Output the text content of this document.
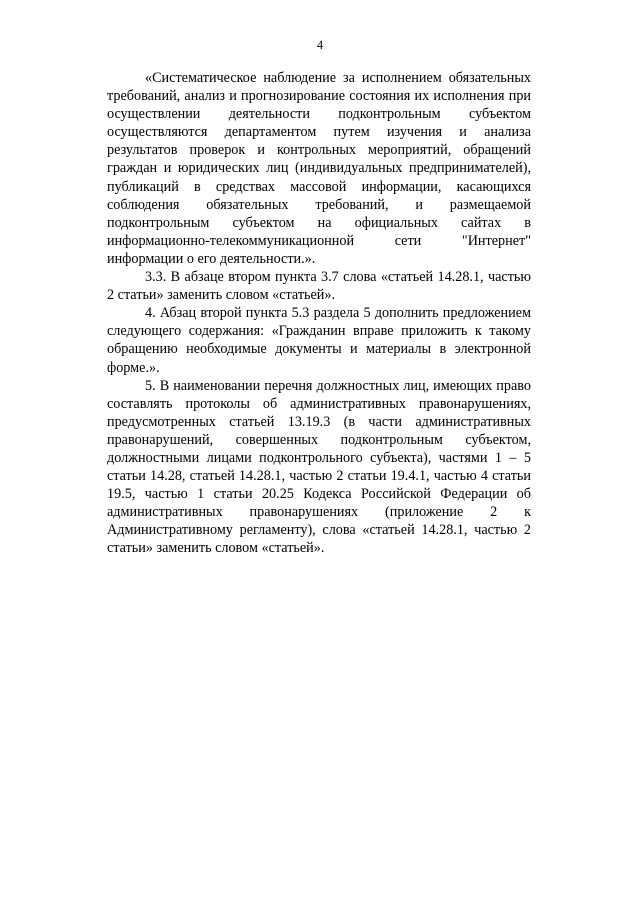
4

«Систематическое наблюдение за исполнением обязательных требований, анализ и прогнозирование состояния их исполнения при осуществлении деятельности подконтрольным субъектом осуществляются департаментом путем изучения и анализа результатов проверок и контрольных мероприятий, обращений граждан и юридических лиц (индивидуальных предпринимателей), публикаций в средствах массовой информации, касающихся соблюдения обязательных требований, и размещаемой подконтрольным субъектом на официальных сайтах в информационно-телекоммуникационной сети "Интернет" информации о его деятельности.».

3.3. В абзаце втором пункта 3.7 слова «статьей 14.28.1, частью 2 статьи» заменить словом «статьей».

4. Абзац второй пункта 5.3 раздела 5 дополнить предложением следующего содержания: «Гражданин вправе приложить к такому обращению необходимые документы и материалы в электронной форме.».

5. В наименовании перечня должностных лиц, имеющих право составлять протоколы об административных правонарушениях, предусмотренных статьей 13.19.3 (в части административных правонарушений, совершенных подконтрольным субъектом, должностными лицами подконтрольного субъекта), частями 1 – 5 статьи 14.28, статьей 14.28.1, частью 2 статьи 19.4.1, частью 4 статьи 19.5, частью 1 статьи 20.25 Кодекса Российской Федерации об административных правонарушениях (приложение 2 к Административному регламенту), слова «статьей 14.28.1, частью 2 статьи» заменить словом «статьей».
